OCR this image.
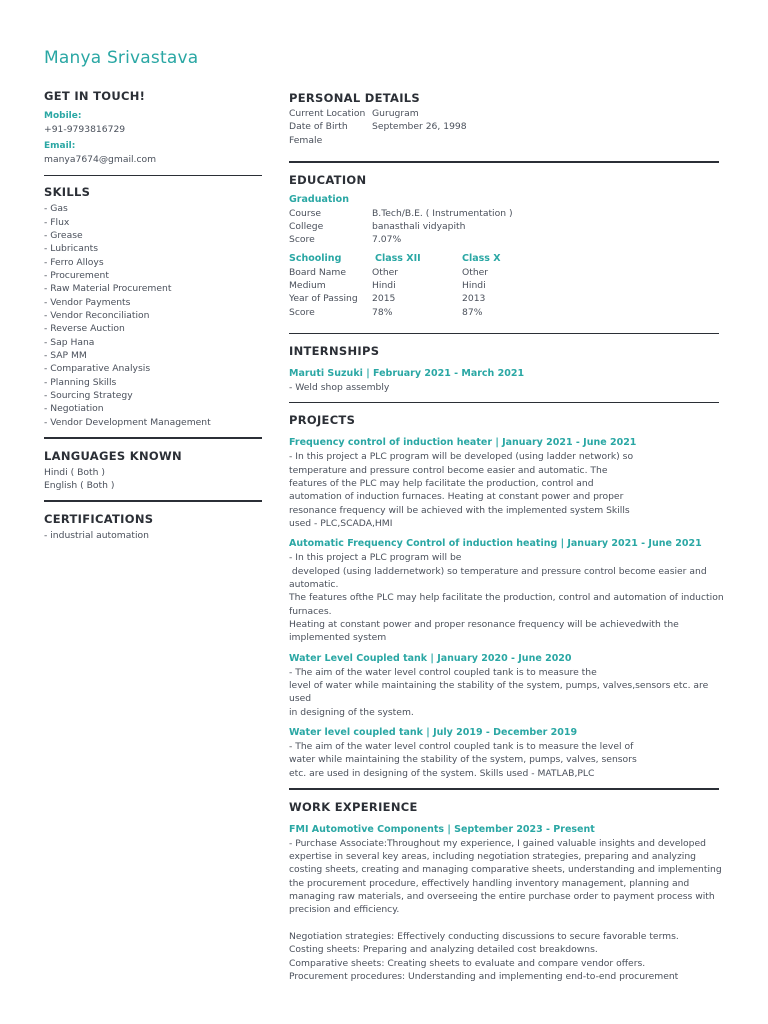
Manya Srivastava
GET IN TOUCH!
Mobile:
+91-9793816729
Email:
manya7674@gmail.com
SKILLS
- Gas
- Flux
- Grease
- Lubricants
- Ferro Alloys
- Procurement
- Raw Material Procurement
- Vendor Payments
- Vendor Reconciliation
- Reverse Auction
- Sap Hana
- SAP MM
- Comparative Analysis
- Planning Skills
- Sourcing Strategy
- Negotiation
- Vendor Development Management
LANGUAGES KNOWN
Hindi ( Both )
English ( Both )
CERTIFICATIONS
- industrial automation
PERSONAL DETAILS
Current Location Gurugram
Date of Birth	September 26, 1998
Female
EDUCATION
Graduation
Course	B.Tech/B.E. ( Instrumentation )
College	banasthali vidyapith
Score	7.07%
Schooling	Class XII	Class X
Board Name	Other	Other
Medium	Hindi	Hindi
Year of Passing	2015	2013
Score	78%	87%
INTERNSHIPS
Maruti Suzuki | February 2021 - March 2021
- Weld shop assembly
PROJECTS
Frequency control of induction heater | January 2021 - June 2021
- In this project a PLC program will be developed (using ladder network) so
temperature and pressure control become easier and automatic. The
features of the PLC may help facilitate the production, control and
automation of induction furnaces. Heating at constant power and proper
resonance frequency will be achieved with the implemented system Skills
used - PLC,SCADA,HMI
Automatic Frequency Control of induction heating | January 2021 - June 2021
- In this project a PLC program will be
developed (using laddernetwork) so temperature and pressure control become easier and
automatic.
The features ofthe PLC may help facilitate the production, control and automation of induction
furnaces.
Heating at constant power and proper resonance frequency will be achievedwith the
implemented system
Water Level Coupled tank | January 2020 - June 2020
- The aim of the water level control coupled tank is to measure the
level of water while maintaining the stability of the system, pumps, valves,sensors etc. are
used
in designing of the system.
Water level coupled tank | July 2019 - December 2019
- The aim of the water level control coupled tank is to measure the level of
water while maintaining the stability of the system, pumps, valves, sensors
etc. are used in designing of the system. Skills used - MATLAB,PLC
WORK EXPERIENCE
FMI Automotive Components | September 2023 - Present
- Purchase Associate:Throughout my experience, I gained valuable insights and developed
expertise in several key areas, including negotiation strategies, preparing and analyzing
costing sheets, creating and managing comparative sheets, understanding and implementing
the procurement procedure, effectively handling inventory management, planning and
managing raw materials, and overseeing the entire purchase order to payment process with
precision and efficiency.
Negotiation strategies: Effectively conducting discussions to secure favorable terms.
Costing sheets: Preparing and analyzing detailed cost breakdowns.
Comparative sheets: Creating sheets to evaluate and compare vendor offers.
Procurement procedures: Understanding and implementing end-to-end procurement
